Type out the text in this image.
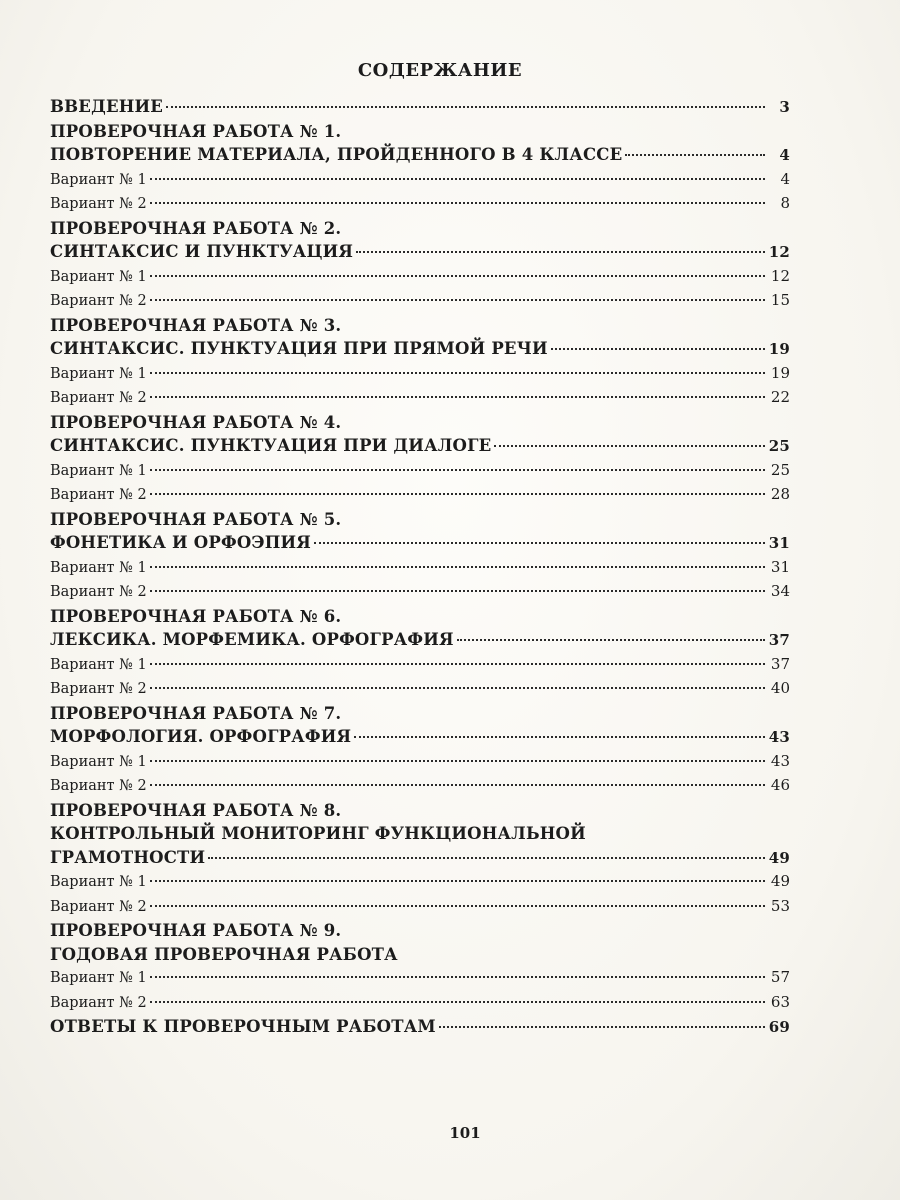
СОДЕРЖАНИЕ
ВВЕДЕНИЕ	3
ПРОВЕРОЧНАЯ РАБОТА № 1.
ПОВТОРЕНИЕ МАТЕРИАЛА, ПРОЙДЕННОГО В 4 КЛАССЕ	4
Вариант № 1	4
Вариант № 2	8
ПРОВЕРОЧНАЯ РАБОТА № 2.
СИНТАКСИС И ПУНКТУАЦИЯ	12
Вариант № 1	12
Вариант № 2	15
ПРОВЕРОЧНАЯ РАБОТА № 3.
СИНТАКСИС. ПУНКТУАЦИЯ ПРИ ПРЯМОЙ РЕЧИ	19
Вариант № 1	19
Вариант № 2	22
ПРОВЕРОЧНАЯ РАБОТА № 4.
СИНТАКСИС. ПУНКТУАЦИЯ ПРИ ДИАЛОГЕ	25
Вариант № 1	25
Вариант № 2	28
ПРОВЕРОЧНАЯ РАБОТА № 5.
ФОНЕТИКА И ОРФОЭПИЯ	31
Вариант № 1	31
Вариант № 2	34
ПРОВЕРОЧНАЯ РАБОТА № 6.
ЛЕКСИКА. МОРФЕМИКА. ОРФОГРАФИЯ	37
Вариант № 1	37
Вариант № 2	40
ПРОВЕРОЧНАЯ РАБОТА № 7.
МОРФОЛОГИЯ. ОРФОГРАФИЯ	43
Вариант № 1	43
Вариант № 2	46
ПРОВЕРОЧНАЯ РАБОТА № 8.
КОНТРОЛЬНЫЙ МОНИТОРИНГ ФУНКЦИОНАЛЬНОЙ
ГРАМОТНОСТИ	49
Вариант № 1	49
Вариант № 2	53
ПРОВЕРОЧНАЯ РАБОТА № 9.
ГОДОВАЯ ПРОВЕРОЧНАЯ РАБОТА
Вариант № 1	57
Вариант № 2	63
ОТВЕТЫ К ПРОВЕРОЧНЫМ РАБОТАМ	69
101
